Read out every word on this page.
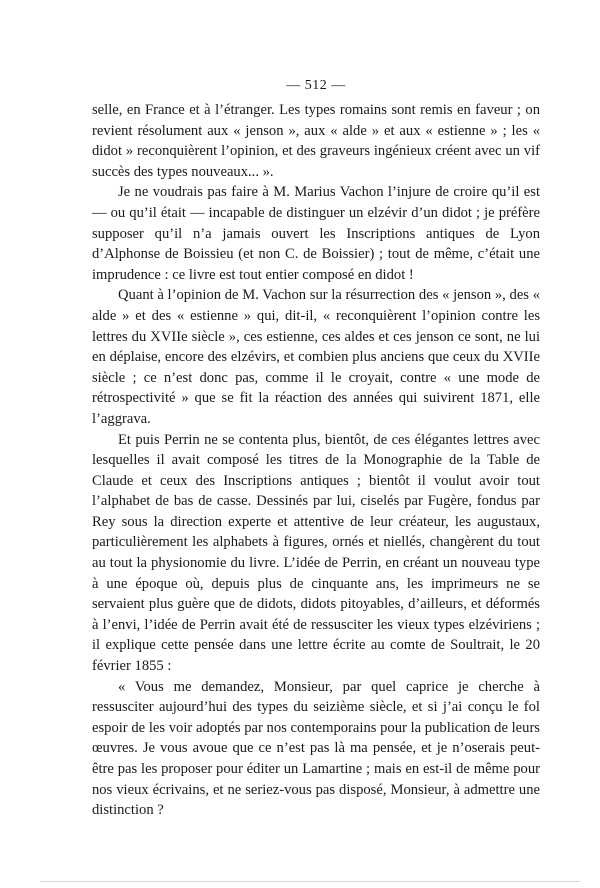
— 512 —

selle, en France et à l’étranger. Les types romains sont remis en faveur ; on revient résolument aux « jenson », aux « alde » et aux « estienne » ; les « didot » reconquièrent l’opinion, et des graveurs ingénieux créent avec un vif succès des types nouveaux... ».

Je ne voudrais pas faire à M. Marius Vachon l’injure de croire qu’il est — ou qu’il était — incapable de distinguer un elzévir d’un didot ; je préfère supposer qu’il n’a jamais ouvert les Inscriptions antiques de Lyon d’Alphonse de Boissieu (et non C. de Boissier) ; tout de même, c’était une imprudence : ce livre est tout entier composé en didot !

Quant à l’opinion de M. Vachon sur la résurrection des « jenson », des « alde » et des « estienne » qui, dit-il, « reconquièrent l’opinion contre les lettres du XVIIe siècle », ces estienne, ces aldes et ces jenson ce sont, ne lui en déplaise, encore des elzévirs, et combien plus anciens que ceux du XVIIe siècle ; ce n’est donc pas, comme il le croyait, contre « une mode de rétrospectivité » que se fit la réaction des années qui suivirent 1871, elle l’aggrava.

Et puis Perrin ne se contenta plus, bientôt, de ces élégantes lettres avec lesquelles il avait composé les titres de la Monographie de la Table de Claude et ceux des Inscriptions antiques ; bientôt il voulut avoir tout l’alphabet de bas de casse. Dessinés par lui, ciselés par Fugère, fondus par Rey sous la direction experte et attentive de leur créateur, les augustaux, particulièrement les alphabets à figures, ornés et niellés, changèrent du tout au tout la physionomie du livre. L’idée de Perrin, en créant un nouveau type à une époque où, depuis plus de cinquante ans, les imprimeurs ne se servaient plus guère que de didots, didots pitoyables, d’ailleurs, et déformés à l’envi, l’idée de Perrin avait été de ressusciter les vieux types elzéviriens ; il explique cette pensée dans une lettre écrite au comte de Soultrait, le 20 février 1855 :

« Vous me demandez, Monsieur, par quel caprice je cherche à ressusciter aujourd’hui des types du seizième siècle, et si j’ai conçu le fol espoir de les voir adoptés par nos contemporains pour la publication de leurs œuvres. Je vous avoue que ce n’est pas là ma pensée, et je n’oserais peut-être pas les proposer pour éditer un Lamartine ; mais en est-il de même pour nos vieux écrivains, et ne seriez-vous pas disposé, Monsieur, à admettre une distinction ?
